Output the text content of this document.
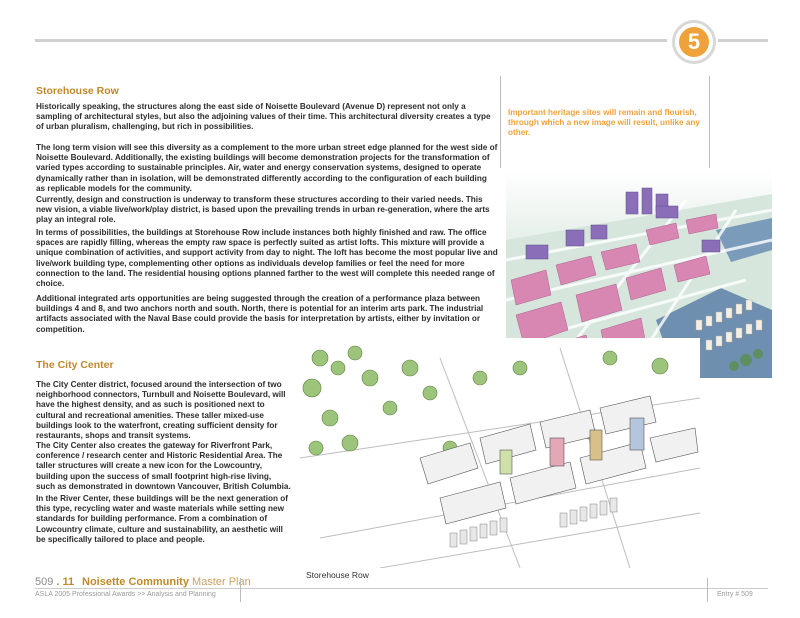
5
Storehouse Row

Historically speaking, the structures along the east side of Noisette Boulevard (Avenue D) represent not only a sampling of architectural styles, but also the adjoining values of their time. This architectural diversity creates a type of urban pluralism, challenging, but rich in possibilities.

The long term vision will see this diversity as a complement to the more urban street edge planned for the west side of Noisette Boulevard. Additionally, the existing buildings will become demonstration projects for the transformation of varied types according to sustainable principles. Air, water and energy conservation systems, designed to operate dynamically rather than in isolation, will be demonstrated differently according to the configuration of each building as replicable models for the community.

Currently, design and construction is underway to transform these structures according to their varied needs. This new vision, a viable live/work/play district, is based upon the prevailing trends in urban re-generation, where the arts play an integral role.

In terms of possibilities, the buildings at Storehouse Row include instances both highly finished and raw. The office spaces are rapidly filling, whereas the empty raw space is perfectly suited as artist lofts. This mixture will provide a unique combination of activities, and support activity from day to night. The loft has become the most popular live and live/work building type, complementing other options as individuals develop families or feel the need for more connection to the land. The residential housing options planned farther to the west will complete this needed range of choice.

Additional integrated arts opportunities are being suggested through the creation of a performance plaza between buildings 4 and 8, and two anchors north and south. North, there is potential for an interim arts park. The industrial artifacts associated with the Naval Base could provide the basis for interpretation by artists, either by invitation or competition.

Important heritage sites will remain and flourish, through which a new image will result, unlike any other.

The City Center

The City Center district, focused around the intersection of two neighborhood connectors, Turnbull and Noisette Boulevard, will have the highest density, and as such is positioned next to cultural and recreational amenities. These taller mixed-use buildings look to the waterfront, creating sufficient density for restaurants, shops and transit systems.

The City Center also creates the gateway for Riverfront Park, conference / research center and Historic Residential Area. The taller structures will create a new icon for the Lowcountry, building upon the success of small footprint high-rise living, such as demonstrated in downtown Vancouver, British Columbia.

In the River Center, these buildings will be the next generation of this type, recycling water and waste materials while setting new standards for building performance. From a combination of Lowcountry climate, culture and sustainability, an aesthetic will be specifically tailored to place and people.

Storehouse Row
509 . 11 Noisette Community Master Plan
ASLA 2005 Professional Awards >> Analysis and Planning	Entry # 509
